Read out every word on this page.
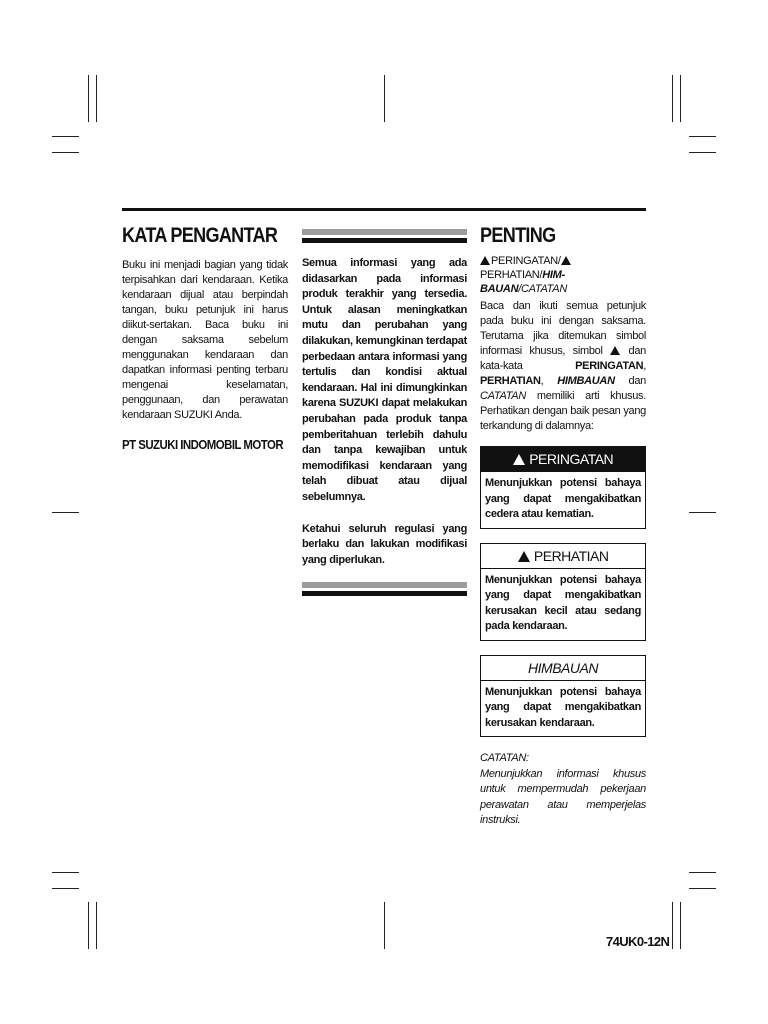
KATA PENGANTAR

Buku ini menjadi bagian yang tidak terpisahkan dari kendaraan. Ketika kendaraan dijual atau berpindah tangan, buku petunjuk ini harus diikut-sertakan. Baca buku ini dengan saksama sebelum menggunakan kendaraan dan dapatkan informasi penting terbaru mengenai keselamatan, penggunaan, dan perawatan kendaraan SUZUKI Anda.

PT SUZUKI INDOMOBIL MOTOR

Semua informasi yang ada didasarkan pada informasi produk terakhir yang tersedia. Untuk alasan meningkatkan mutu dan perubahan yang dilakukan, kemungkinan terdapat perbedaan antara informasi yang tertulis dan kondisi aktual kendaraan. Hal ini dimungkinkan karena SUZUKI dapat melakukan perubahan pada produk tanpa pemberitahuan terlebih dahulu dan tanpa kewajiban untuk memodifikasi kendaraan yang telah dibuat atau dijual sebelumnya.

Ketahui seluruh regulasi yang berlaku dan lakukan modifikasi yang diperlukan.

PENTING
PERINGATAN/PERHATIAN/HIM-
BAUAN/CATATAN

Baca dan ikuti semua petunjuk pada buku ini dengan saksama. Terutama jika ditemukan simbol informasi khusus, simbol dan kata-kata	PERINGATAN, PERHATIAN, HIMBAUAN dan CATATAN memiliki arti khusus. Perhatikan dengan baik pesan yang terkandung di dalamnya:

PERINGATAN
Menunjukkan potensi bahaya yang dapat mengakibatkan cedera atau kematian.
PERHATIAN
Menunjukkan potensi bahaya yang dapat mengakibatkan kerusakan kecil atau sedang pada kendaraan.
HIMBAUAN
Menunjukkan potensi bahaya yang dapat mengakibatkan kerusakan kendaraan.
CATATAN:
Menunjukkan informasi khusus untuk mempermudah pekerjaan perawatan atau memperjelas instruksi.
74UK0-12N
